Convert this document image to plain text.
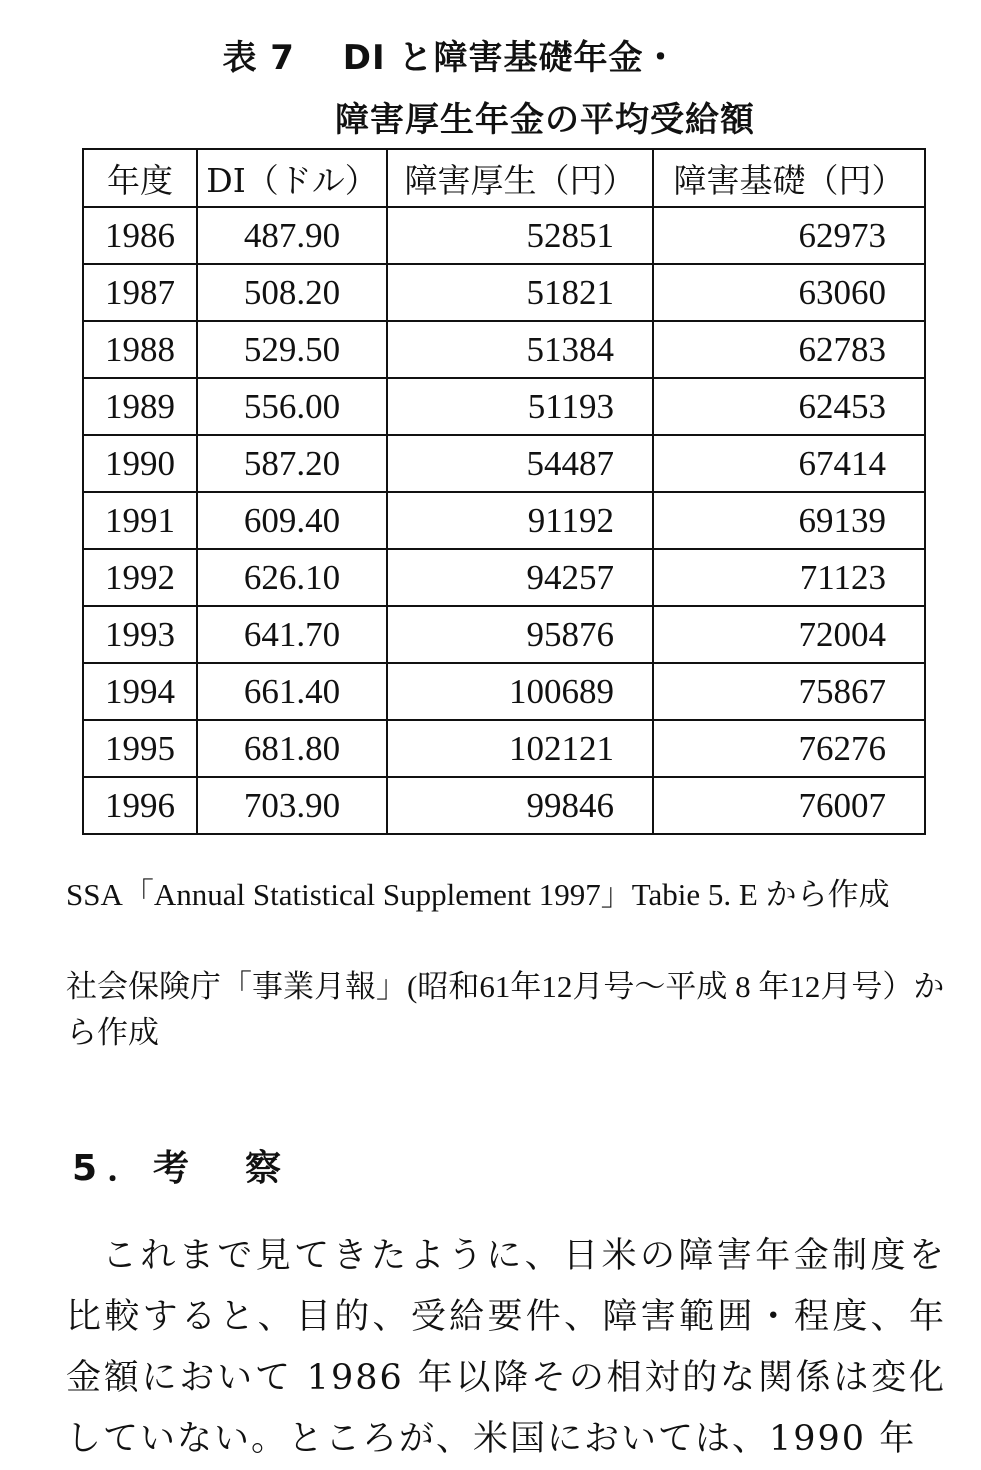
表 7　 DI と障害基礎年金・
障害厚生年金の平均受給額
年度	DI（ドル）	障害厚生（円）	障害基礎（円）
1986	487.90	52851	62973
1987	508.20	51821	63060
1988	529.50	51384	62783
1989	556.00	51193	62453
1990	587.20	54487	67414
1991	609.40	91192	69139
1992	626.10	94257	71123
1993	641.70	95876	72004
1994	661.40	100689	75867
1995	681.80	102121	76276
1996	703.90	99846	76007
SSA「Annual Statistical Supplement 1997」Tabie 5. E から作成
社会保険庁「事業月報」(昭和61年12月号～平成 8 年12月号）から作成
5．考　察
これまで見てきたように、日米の障害年金制度を比較すると、目的、受給要件、障害範囲・程度、年金額において 1986 年以降その相対的な関係は変化していない。ところが、米国においては、1990 年
